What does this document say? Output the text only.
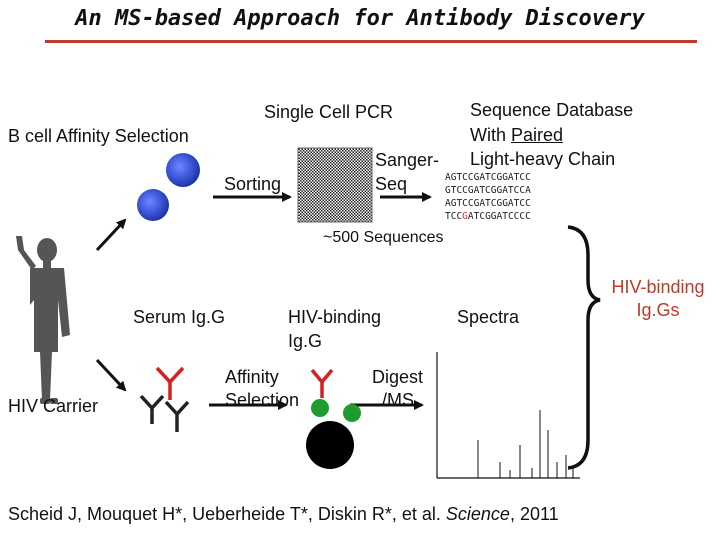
An MS-based Approach for Antibody Discovery
Single Cell PCR
B cell Affinity Selection
Sorting
Sanger-
Seq
Sequence Database
With Paired
Light-heavy Chain
AGTCCGATCGGATCC
GTCCGATCGGATCCA
AGTCCGATCGGATCC
TCCGATCGGATCCCC
~500 Sequences
Serum Ig.G	HIV-binding
Ig.G
Spectra
HIV-binding
Ig.Gs
Affinity
Selection
Digest
/MS
HIV Carrier
Scheid J, Mouquet H*, Ueberheide T*, Diskin R*, et al. Science, 2011
